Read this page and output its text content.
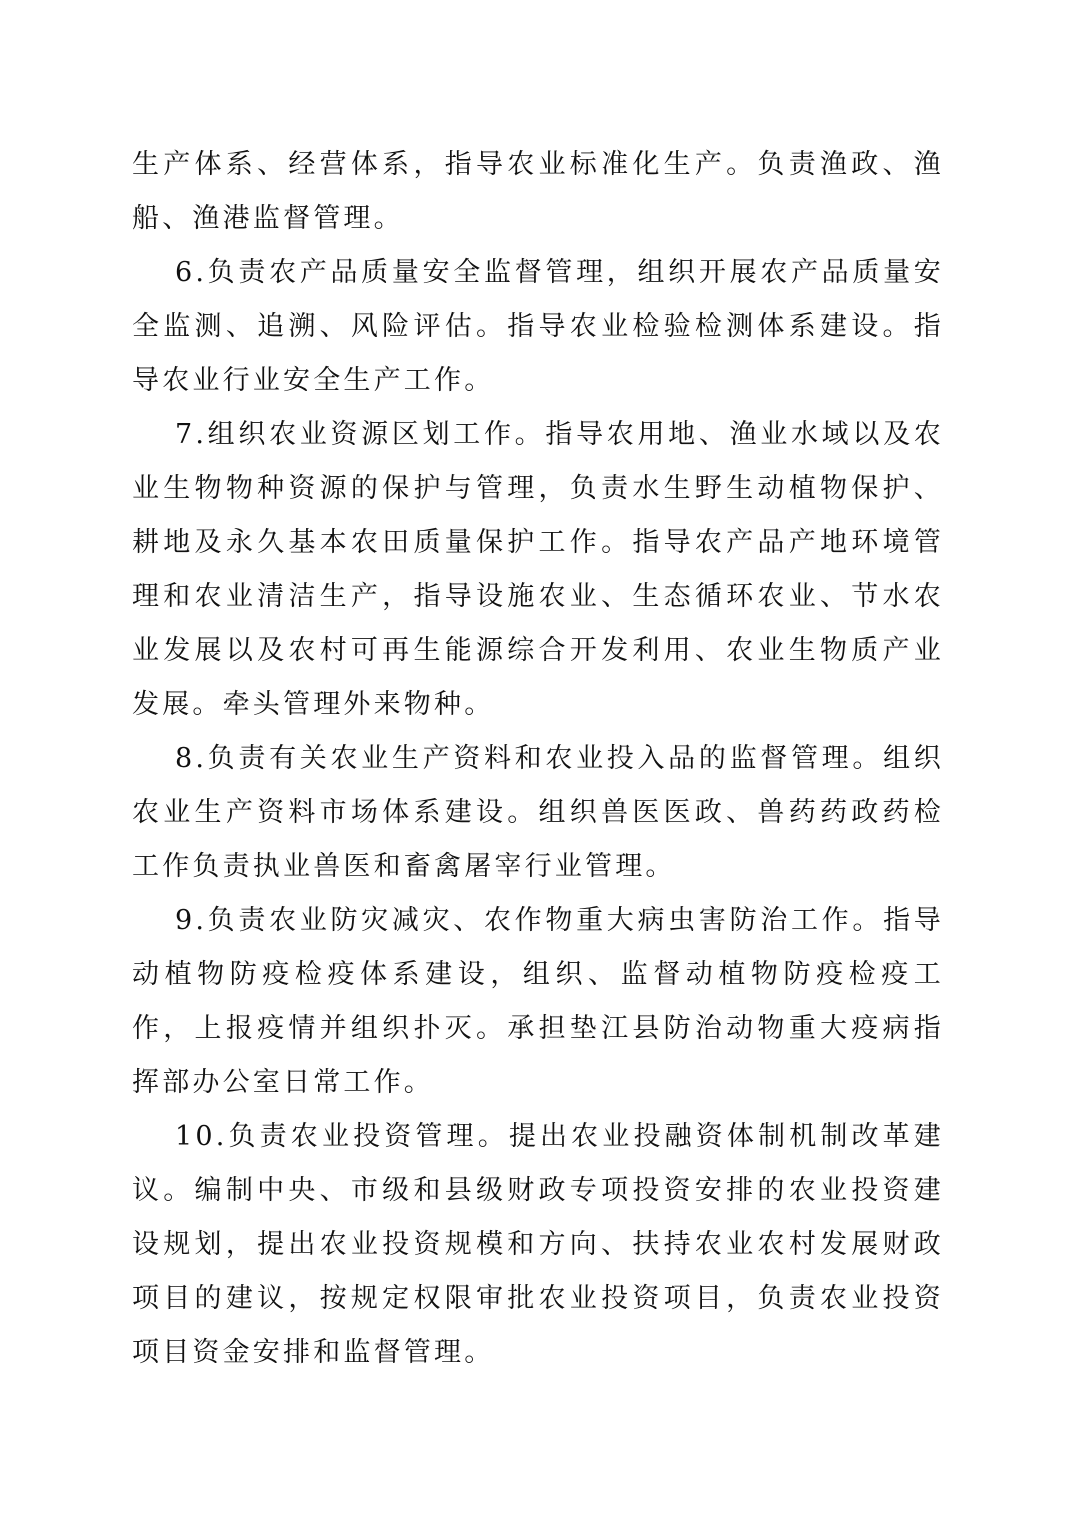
生产体系、经营体系，指导农业标准化生产。负责渔政、渔船、渔港监督管理。

6.负责农产品质量安全监督管理，组织开展农产品质量安全监测、追溯、风险评估。指导农业检验检测体系建设。指导农业行业安全生产工作。

7.组织农业资源区划工作。指导农用地、渔业水域以及农业生物物种资源的保护与管理，负责水生野生动植物保护、耕地及永久基本农田质量保护工作。指导农产品产地环境管理和农业清洁生产，指导设施农业、生态循环农业、节水农业发展以及农村可再生能源综合开发利用、农业生物质产业发展。牵头管理外来物种。

8.负责有关农业生产资料和农业投入品的监督管理。组织农业生产资料市场体系建设。组织兽医医政、兽药药政药检工作负责执业兽医和畜禽屠宰行业管理。

9.负责农业防灾减灾、农作物重大病虫害防治工作。指导动植物防疫检疫体系建设，组织、监督动植物防疫检疫工作，上报疫情并组织扑灭。承担垫江县防治动物重大疫病指挥部办公室日常工作。

10.负责农业投资管理。提出农业投融资体制机制改革建议。编制中央、市级和县级财政专项投资安排的农业投资建设规划，提出农业投资规模和方向、扶持农业农村发展财政项目的建议，按规定权限审批农业投资项目，负责农业投资项目资金安排和监督管理。
